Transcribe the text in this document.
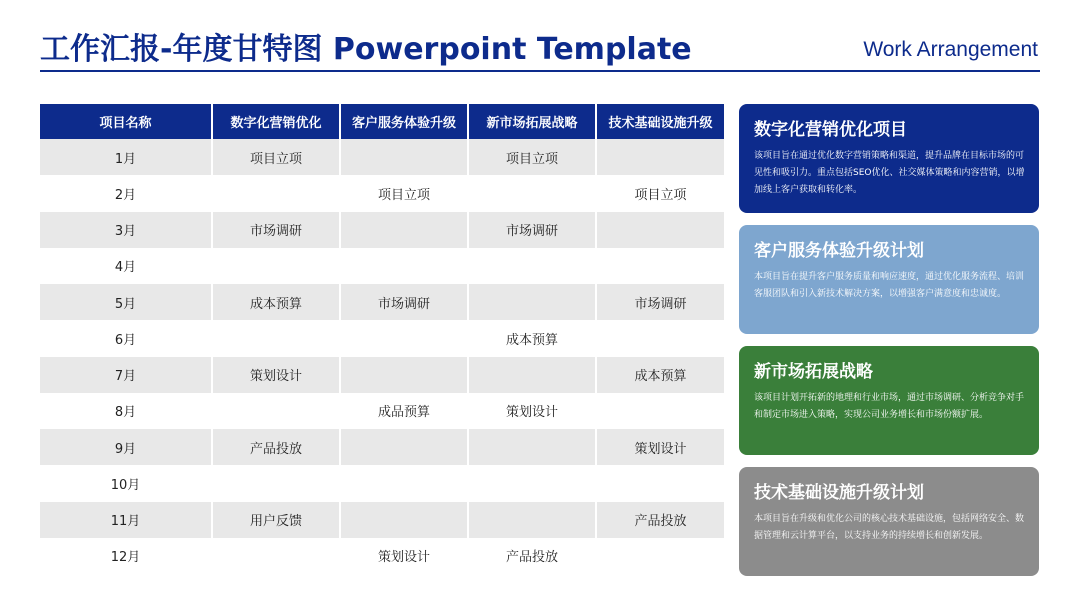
工作汇报-年度甘特图 Powerpoint Template	Work Arrangement
项目名称	数字化营销优化	客户服务体验升级	新市场拓展战略	技术基础设施升级
1月	项目立项		项目立项	
2月		项目立项		项目立项
3月	市场调研		市场调研	
4月				
5月	成本预算	市场调研		市场调研
6月			成本预算	
7月	策划设计			成本预算
8月		成品预算	策划设计	
9月	产品投放			策划设计
10月				
11月	用户反馈			产品投放
12月		策划设计	产品投放	
数字化营销优化项目
该项目旨在通过优化数字营销策略和渠道，提升品牌在目标市场的可见性和吸引力。重点包括SEO优化、社交媒体策略和内容营销，以增加线上客户获取和转化率。
客户服务体验升级计划
本项目旨在提升客户服务质量和响应速度，通过优化服务流程、培训客服团队和引入新技术解决方案，以增强客户满意度和忠诚度。
新市场拓展战略
该项目计划开拓新的地理和行业市场，通过市场调研、分析竞争对手和制定市场进入策略，实现公司业务增长和市场份额扩展。
技术基础设施升级计划
本项目旨在升级和优化公司的核心技术基础设施，包括网络安全、数据管理和云计算平台，以支持业务的持续增长和创新发展。
